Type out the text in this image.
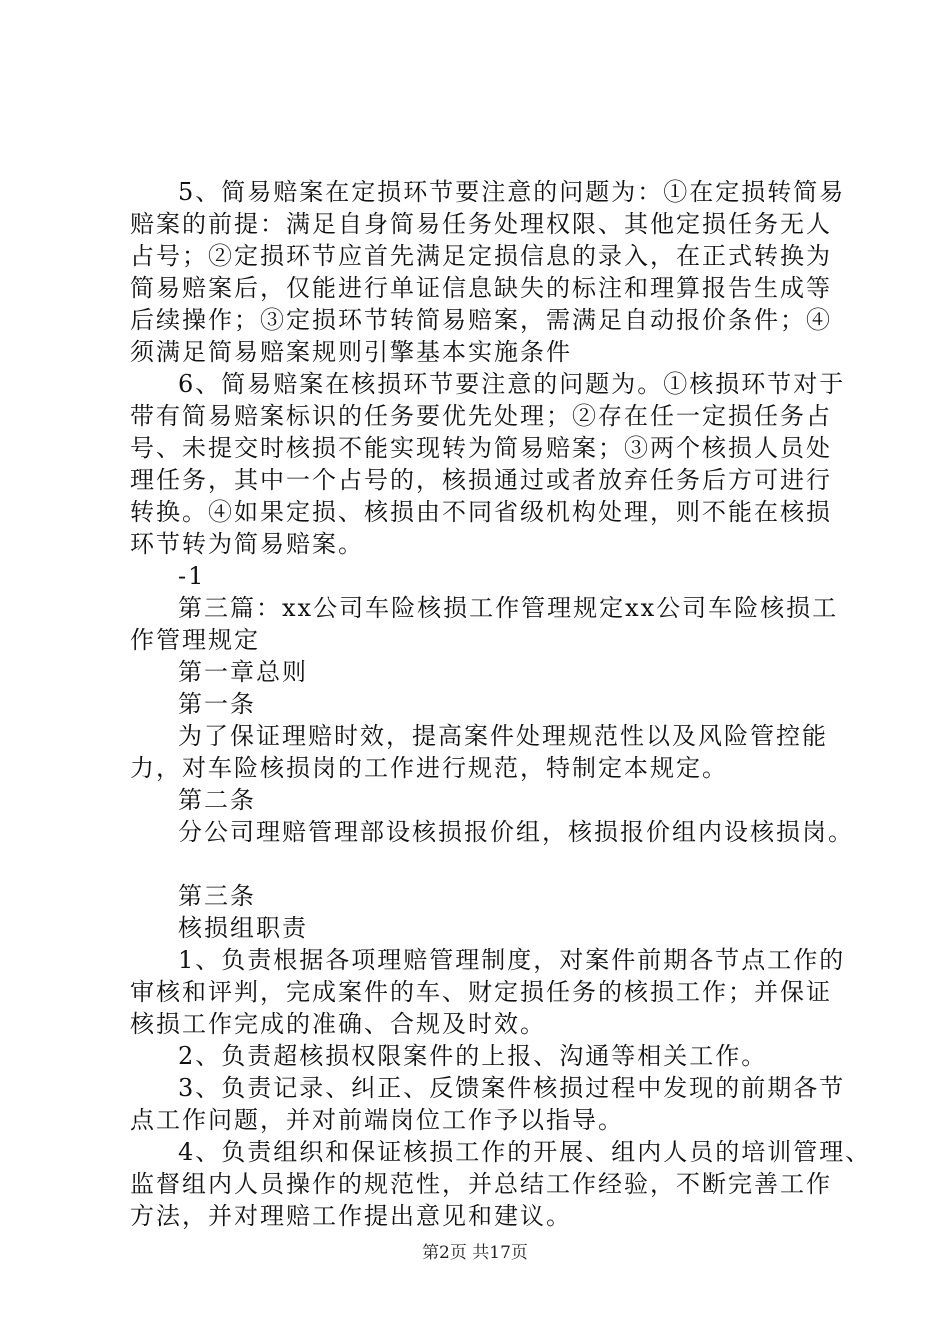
5、简易赔案在定损环节要注意的问题为：①在定损转简易
赔案的前提：满足自身简易任务处理权限、其他定损任务无人
占号；②定损环节应首先满足定损信息的录入，在正式转换为
简易赔案后，仅能进行单证信息缺失的标注和理算报告生成等
后续操作；③定损环节转简易赔案，需满足自动报价条件；④
须满足简易赔案规则引擎基本实施条件
6、简易赔案在核损环节要注意的问题为。①核损环节对于
带有简易赔案标识的任务要优先处理；②存在任一定损任务占
号、未提交时核损不能实现转为简易赔案；③两个核损人员处
理任务，其中一个占号的，核损通过或者放弃任务后方可进行
转换。④如果定损、核损由不同省级机构处理，则不能在核损
环节转为简易赔案。
-1
第三篇：xx公司车险核损工作管理规定xx公司车险核损工
作管理规定
第一章总则
第一条
为了保证理赔时效，提高案件处理规范性以及风险管控能
力，对车险核损岗的工作进行规范，特制定本规定。
第二条
分公司理赔管理部设核损报价组，核损报价组内设核损岗。
第三条
核损组职责
1、负责根据各项理赔管理制度，对案件前期各节点工作的
审核和评判，完成案件的车、财定损任务的核损工作；并保证
核损工作完成的准确、合规及时效。
2、负责超核损权限案件的上报、沟通等相关工作。
3、负责记录、纠正、反馈案件核损过程中发现的前期各节
点工作问题，并对前端岗位工作予以指导。
4、负责组织和保证核损工作的开展、组内人员的培训管理、
监督组内人员操作的规范性，并总结工作经验，不断完善工作
方法，并对理赔工作提出意见和建议。
第2页 共17页
